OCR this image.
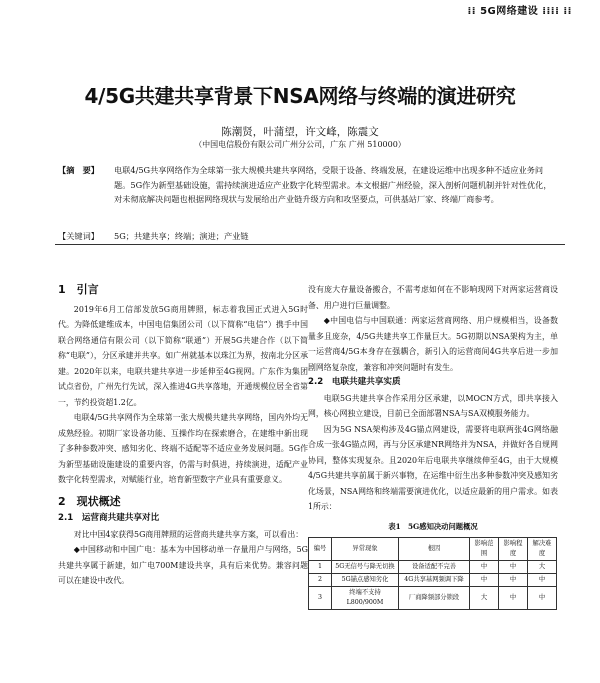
⁞⁞ 5G网络建设 ⁞⁞⁞⁞ ⁞⁞
4/5G共建共享背景下NSA网络与终端的演进研究
陈潮贤，叶蒲望，许文峰，陈震文
（中国电信股份有限公司广州分公司，广东 广州 510000）
【摘　要】 电联4/5G共享网络作为全球第一张大规模共建共享网络，受限于设备、终端发展，在建设运维中出现多种不适应业务问题。5G作为新型基础设施，需持续演进适应产业数字化转型需求。本文根据广州经验，深入剖析问题机制并针对性优化，对未彻底解决问题也根据网络现状与发展给出产业链升级方向和攻坚要点，可供基站厂家、终端厂商参考。
【关键词】 5G；共建共享；终端；演进；产业链
1　引言

2019年6月工信部发放5G商用牌照，标志着我国正式进入5G时代。为降低建维成本，中国电信集团公司（以下简称“电信”）携手中国联合网络通信有限公司（以下简称“联通”）开展5G共建合作（以下简称“电联”），分区承建并共享。如广州就基本以珠江为界，按南北分区承建。2020年以来，电联共建共享进一步延伸至4G视网。广东作为集团试点省份，广州先行先试，深入推进4G共享落地，开通规模位居全省第一，节约投资超1.2亿。

电联4/5G共享网作为全球第一张大规模共建共享网络，国内外均无成熟经验。初期厂家设备功能、互操作均在探索磨合，在建维中新出现了多种参数冲突、感知劣化、终端不适配等不适应业务发展问题。5G作为新型基础设施建设的重要内容，仍需与时俱进，持续演进，适配产业数字化转型需求，对赋能行业，培育新型数字产业具有重要意义。

2　现状概述
2.1　运营商共建共享对比

对比中国4家获得5G商用牌照的运营商共建共享方案，可以看出：

◆中国移动和中国广电：基本为中国移动单一存量用户与网络，5G共建共享属于新建，如广电700M建设共享，具有后来优势。兼容问题可以在建设中改代。

没有庞大存量设备搬合，不需考虑如何在不影响现网下对两家运营商设备、用户进行巨量调整。

◆中国电信与中国联通：两家运营商网络、用户规模相当，设备数量多且庞杂，4/5G共建共享工作量巨大。5G初期以NSA架构为主，单一运营商4/5G本身存在强耦合，新引入的运营商间4G共享后进一步加剧网络复杂度，兼容和冲突问题时有发生。

2.2　电联共建共享实质

电联5G共建共享合作采用分区承建，以MOCN方式，即共享接入网，核心网独立建设，目前已全面部署NSA与SA双模服务能力。

因为5G NSA架构涉及4G锚点网建设，需要将电联两张4G网络融合成一张4G锚点网，再与分区承建NR网络并为NSA，并做好各自规网协同，整体实现复杂。且2020年后电联共享继续伸至4G，由于大规模4/5G共建共享前属于新兴事物，在运维中衍生出多种参数冲突及感知劣化场景，NSA网络和终端需要演进优化，以适应最新的用户需求。如表1所示：

表1　5G感知决动问题概况
编号	异常现象	根因	影响范围	影响程度	解决难度
1	5G无信号与降无切换	设备适配不完善	中	中	大
2	5G锚点感知劣化	4G共享基网频调下降	中	中	中
3	终端不支持L800/900M	厂商降频部分锁段	大	中	中
